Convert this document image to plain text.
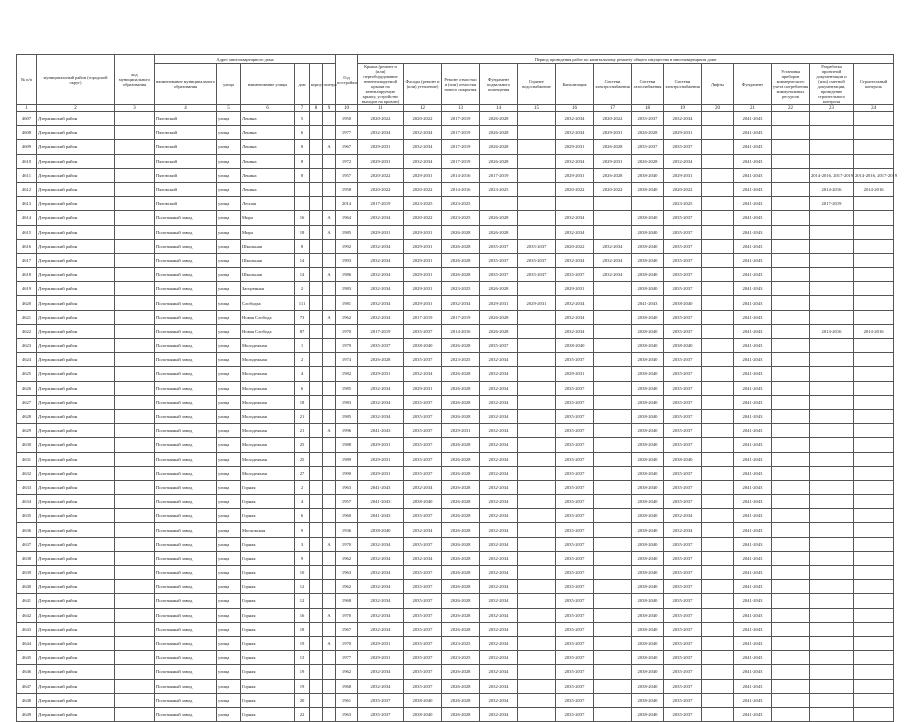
№ п/п	муниципальный район (городской округ)	код муниципального образования	Адрес многоквартирного дома						Год постройки	Период проведения работ по капитальному ремонту общего имущества в многоквартирном доме													
			наименование муниципального образования	улица	наименование улицы	дом	корпус	литера		Крыша (ремонт и (или) переоборудование невентилируемой крыши на вентилируемую крышу, устройство выходов на кровлю)	Фасады (ремонт и (или) утепление)	Ремонт отмостки и (или) отмостки нового покрытия	Фундамент подвального помещения	Горячее водоснабжение	Канализация	Система электроснабжения	Система газоснабжения	Система электроснабжения	Лифты	Фундамент	Установка приборов коммерческого учета потребления коммунальных ресурсов	Разработка проектной документации и (или) сметной документации, проведение строительного контроля	Строительный контроль
1	2	3	4	5	6	7	8	9	10	11	12	13	14	15	16	17	18	19	20	21	22	23	24
4607	Дзержинский район		Пятовский	улица	Ленина	5			1950	2020-2022	2020-2022	2017-2019	2026-2028		2032-2034	2020-2022	2035-2037	2032-2034		2041-2043			
4608	Дзержинский район		Пятовский	улица	Ленина	6			1977	2032-2034	2032-2034	2017-2019	2026-2028		2032-2034	2029-2031	2026-2028	2029-2031		2041-2043			
4609	Дзержинский район		Пятовский	улица	Ленина	8		А	1967	2029-2031	2032-2034	2017-2019	2026-2028		2029-2031	2026-2028	2035-2037	2035-2037		2041-2043			
4610	Дзержинский район		Пятовский	улица	Ленина	8			1972	2029-2031	2032-2034	2017-2019	2026-2028		2032-2034	2029-2031	2026-2028	2032-2034		2041-2043			
4611	Дзержинский район		Пятовский	улица	Ленина	8			1957	2020-2022	2029-2031	2014-2016	2017-2019		2029-2031	2026-2028	2038-2040	2029-2031		2041-2043		2014-2016, 2017-2019	2014-2016, 2017-2019
4612	Дзержинский район		Пятовский	улица	Ленина				1958	2020-2022	2020-2022	2014-2016	2023-2025		2020-2022	2020-2022	2038-2040	2020-2022		2041-2043		2014-2016	2014-2016
4613	Дзержинский район		Пятовский	улица	Лесная				2014	2017-2019	2023-2025	2023-2025						2023-2025		2041-2043		2017-2019	
4614	Дзержинский район		Полотняный завод	улица	Мира	16		А	1964	2032-2034	2020-2022	2023-2025	2026-2028		2032-2034		2038-2040	2035-2037		2041-2043			
4615	Дзержинский район		Полотняный завод	улица	Мира	18		А	1985	2029-2031	2029-2031	2026-2028	2026-2028		2032-2034		2038-2040	2035-2037		2041-2043			
4616	Дзержинский район		Полотняный завод	улица	Школьная	8			1992	2032-2034	2029-2031	2026-2028	2035-2037	2035-2037	2020-2022	2032-2034	2038-2040	2035-2037		2041-2043			
4617	Дзержинский район		Полотняный завод	улица	Школьная	14			1993	2032-2034	2029-2031	2026-2028	2035-2037	2035-2037	2032-2034	2032-2034	2038-2040	2035-2037		2041-2043			
4618	Дзержинский район		Полотняный завод	улица	Школьная	14		А	1986	2032-2034	2029-2031	2026-2028	2035-2037	2035-2037	2035-2037	2032-2034	2038-2040	2035-2037		2041-2043			
4619	Дзержинский район		Полотняный завод	улица	Загоренная	2			1983	2032-2034	2029-2031	2023-2025	2026-2028		2029-2031		2038-2040	2035-2037		2041-2043			
4620	Дзержинский район		Полотняный завод	улица	Слободка	111			1981	2032-2034	2029-2031	2032-2034	2029-2031	2029-2031	2032-2034		2041-2043	2038-2040		2041-2043			
4621	Дзержинский район		Полотняный завод	улица	Новая Слобода	73		А	1962	2032-2034	2017-2019	2017-2019	2026-2028		2032-2034		2038-2040	2035-2037		2041-2043			
4622	Дзержинский район		Полотняный завод	улица	Новая Слобода	87			1970	2017-2019	2035-2037	2014-2016	2026-2028		2032-2034		2038-2040	2035-2037		2041-2043		2014-2016	2014-2016
4623	Дзержинский район		Полотняный завод	улица	Молодежная	1			1979	2035-2037	2038-2040	2026-2028	2035-2037		2038-2040		2038-2040	2038-2040		2041-2043			
4624	Дзержинский район		Полотняный завод	улица	Молодежная	2			1974	2026-2028	2035-2037	2023-2025	2032-2034		2035-2037		2038-2040	2035-2037		2041-2043			
4625	Дзержинский район		Полотняный завод	улица	Молодежная	4			1982	2029-2031	2032-2034	2026-2028	2032-2034		2029-2031		2038-2040	2035-2037		2041-2043			
4626	Дзержинский район		Полотняный завод	улица	Молодежная	6			1985	2032-2034	2029-2031	2026-2028	2032-2034		2035-2037		2038-2040	2035-2037		2041-2043			
4627	Дзержинский район		Полотняный завод	улица	Молодежная	18			1983	2032-2034	2035-2037	2026-2028	2032-2034		2035-2037		2038-2040	2035-2037		2041-2043			
4628	Дзержинский район		Полотняный завод	улица	Молодежная	21			1985	2032-2034	2035-2037	2026-2028	2032-2034		2035-2037		2038-2040	2035-2037		2041-2043			
4629	Дзержинский район		Полотняный завод	улица	Молодежная	21		А	1996	2041-2043	2035-2037	2029-2031	2032-2034		2035-2037		2038-2040	2035-2037		2041-2043			
4630	Дзержинский район		Полотняный завод	улица	Молодежная	25			1988	2029-2031	2035-2037	2026-2028	2032-2034		2035-2037		2038-2040	2035-2037		2041-2043			
4631	Дзержинский район		Полотняный завод	улица	Молодежная	25			1989	2029-2031	2035-2037	2026-2028	2032-2034		2035-2037		2038-2040	2038-2040		2041-2043			
4632	Дзержинский район		Полотняный завод	улица	Молодежная	27			1990	2029-2031	2035-2037	2026-2028	2032-2034		2035-2037		2038-2040	2035-2037		2041-2043			
4633	Дзержинский район		Полотняный завод	улица	Горная	2			1963	2041-2043	2032-2034	2026-2028	2032-2034		2035-2037		2038-2040	2035-2037		2041-2043			
4634	Дзержинский район		Полотняный завод	улица	Горная	4			1957	2041-2043	2038-2040	2026-2028	2032-2034		2035-2037		2038-2040	2035-2037		2041-2043			
4635	Дзержинский район		Полотняный завод	улица	Горная	6			1960	2041-2043	2035-2037	2026-2028	2032-2034		2035-2037		2038-2040	2032-2034		2041-2043			
4636	Дзержинский район		Полотняный завод	улица	Московская	9			1936	2038-2040	2032-2034	2026-2028	2032-2034		2035-2037		2038-2040	2032-2034		2041-2043			
4637	Дзержинский район		Полотняный завод	улица	Горная	3		А	1970	2032-2034	2035-2037	2026-2028	2032-2034		2035-2037		2038-2040	2035-2037		2041-2043			
4638	Дзержинский район		Полотняный завод	улица	Горная	9			1962	2032-2034	2032-2034	2026-2028	2032-2034		2035-2037		2038-2040	2035-2037		2041-2043			
4639	Дзержинский район		Полотняный завод	улица	Горная	10			1963	2032-2034	2035-2037	2026-2028	2032-2034		2035-2037		2038-2040	2035-2037		2041-2043			
4640	Дзержинский район		Полотняный завод	улица	Горная	12			1962	2032-2034	2035-2037	2026-2028	2032-2034		2035-2037		2038-2040	2035-2037		2041-2043			
4641	Дзержинский район		Полотняный завод	улица	Горная	12			1968	2032-2034	2035-2037	2026-2028	2032-2034		2035-2037		2038-2040	2035-2037		2041-2043			
4642	Дзержинский район		Полотняный завод	улица	Горная	16		А	1970	2032-2034	2035-2037	2026-2028	2032-2034		2035-2037		2038-2040	2035-2037		2041-2043			
4643	Дзержинский район		Полотняный завод	улица	Горная	18			1967	2032-2034	2035-2037	2026-2028	2032-2034		2035-2037		2038-2040	2035-2037		2041-2043			
4644	Дзержинский район		Полотняный завод	улица	Горная	19		А	1970	2029-2031	2035-2037	2023-2025	2032-2034		2035-2037		2038-2040	2035-2037		2041-2043			
4645	Дзержинский район		Полотняный завод	улица	Горная	13			1977	2029-2031	2035-2037	2023-2025	2032-2034		2035-2037		2038-2040	2035-2037		2041-2043			
4646	Дзержинский район		Полотняный завод	улица	Горная	19			1962	2032-2034	2035-2037	2026-2028	2032-2034		2035-2037		2038-2040	2035-2037		2041-2043			
4647	Дзержинский район		Полотняный завод	улица	Горная	19			1968	2032-2034	2035-2037	2026-2028	2032-2034		2035-2037		2038-2040	2035-2037		2041-2043			
4648	Дзержинский район		Полотняный завод	улица	Горная	20			1961	2035-2037	2038-2040	2026-2028	2032-2034		2035-2037		2038-2040	2035-2037		2041-2043			
4649	Дзержинский район		Полотняный завод	улица	Горная	22			1963	2035-2037	2038-2040	2026-2028	2032-2034		2035-2037		2038-2040	2035-2037		2041-2043			
